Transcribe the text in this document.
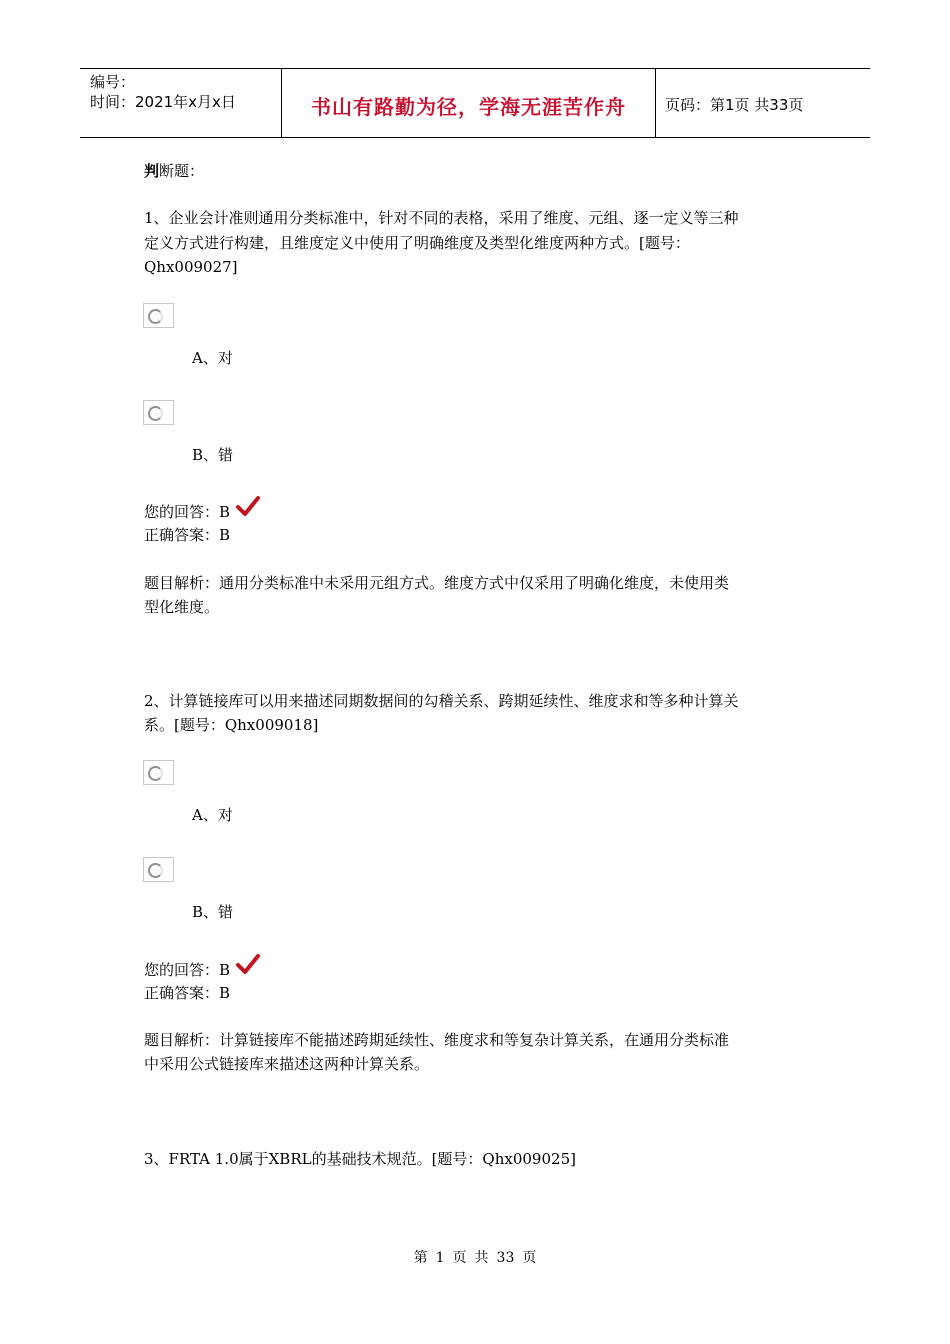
编号：
时间：2021年x月x日	书山有路勤为径，学海无涯苦作舟	页码：第1页 共33页
判断题：
1、企业会计准则通用分类标准中，针对不同的表格，采用了维度、元组、逐一定义等三种
定义方式进行构建，且维度定义中使用了明确维度及类型化维度两种方式。[题号：
Qhx009027]
A、对
B、错
您的回答：B
正确答案：B
题目解析：通用分类标准中未采用元组方式。维度方式中仅采用了明确化维度，未使用类
型化维度。
2、计算链接库可以用来描述同期数据间的勾稽关系、跨期延续性、维度求和等多种计算关
系。[题号：Qhx009018]
A、对
B、错
您的回答：B
正确答案：B
题目解析：计算链接库不能描述跨期延续性、维度求和等复杂计算关系，在通用分类标准
中采用公式链接库来描述这两种计算关系。
3、FRTA 1.0属于XBRL的基础技术规范。[题号：Qhx009025]
第 1 页 共 33 页
